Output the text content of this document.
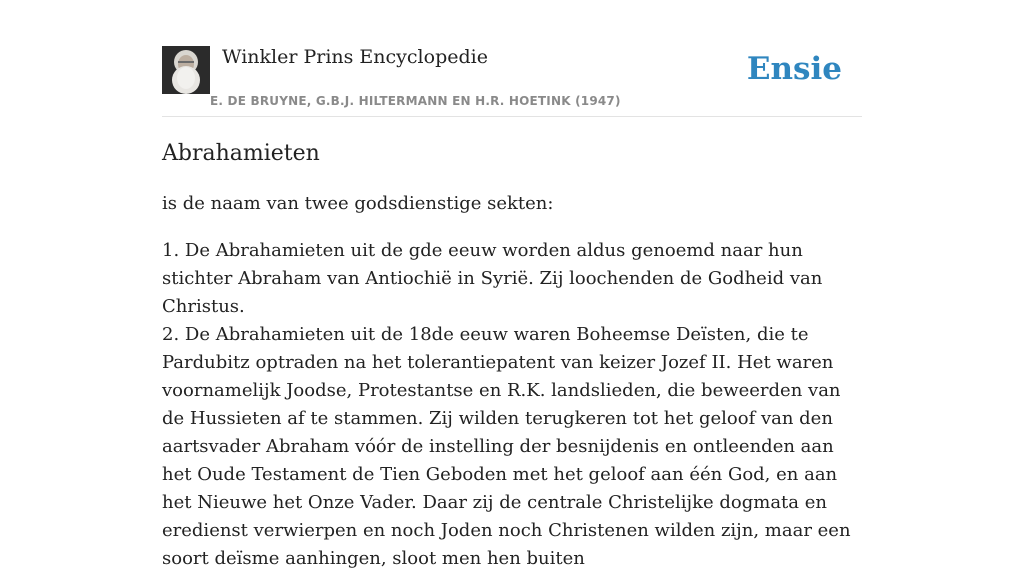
Winkler Prins Encyclopedie
E. DE BRUYNE, G.B.J. HILTERMANN EN H.R. HOETINK (1947)
Ensie
Abrahamieten

is de naam van twee godsdienstige sekten:

1. De Abrahamieten uit de gde eeuw worden aldus genoemd naar hun stichter Abraham van Antiochië in Syrië. Zij loochenden de Godheid van Christus.

2. De Abrahamieten uit de 18de eeuw waren Boheemse Deïsten, die te Pardubitz optraden na het tolerantiepatent van keizer Jozef II. Het waren voornamelijk Joodse, Protestantse en R.K. landslieden, die beweerden van de Hussieten af te stammen. Zij wilden terugkeren tot het geloof van den aartsvader Abraham vóór de instelling der besnijdenis en ontleenden aan het Oude Testament de Tien Geboden met het geloof aan één God, en aan het Nieuwe het Onze Vader. Daar zij de centrale Christelijke dogmata en eredienst verwierpen en noch Joden noch Christenen wilden zijn, maar een soort deïsme aanhingen, sloot men hen buiten
